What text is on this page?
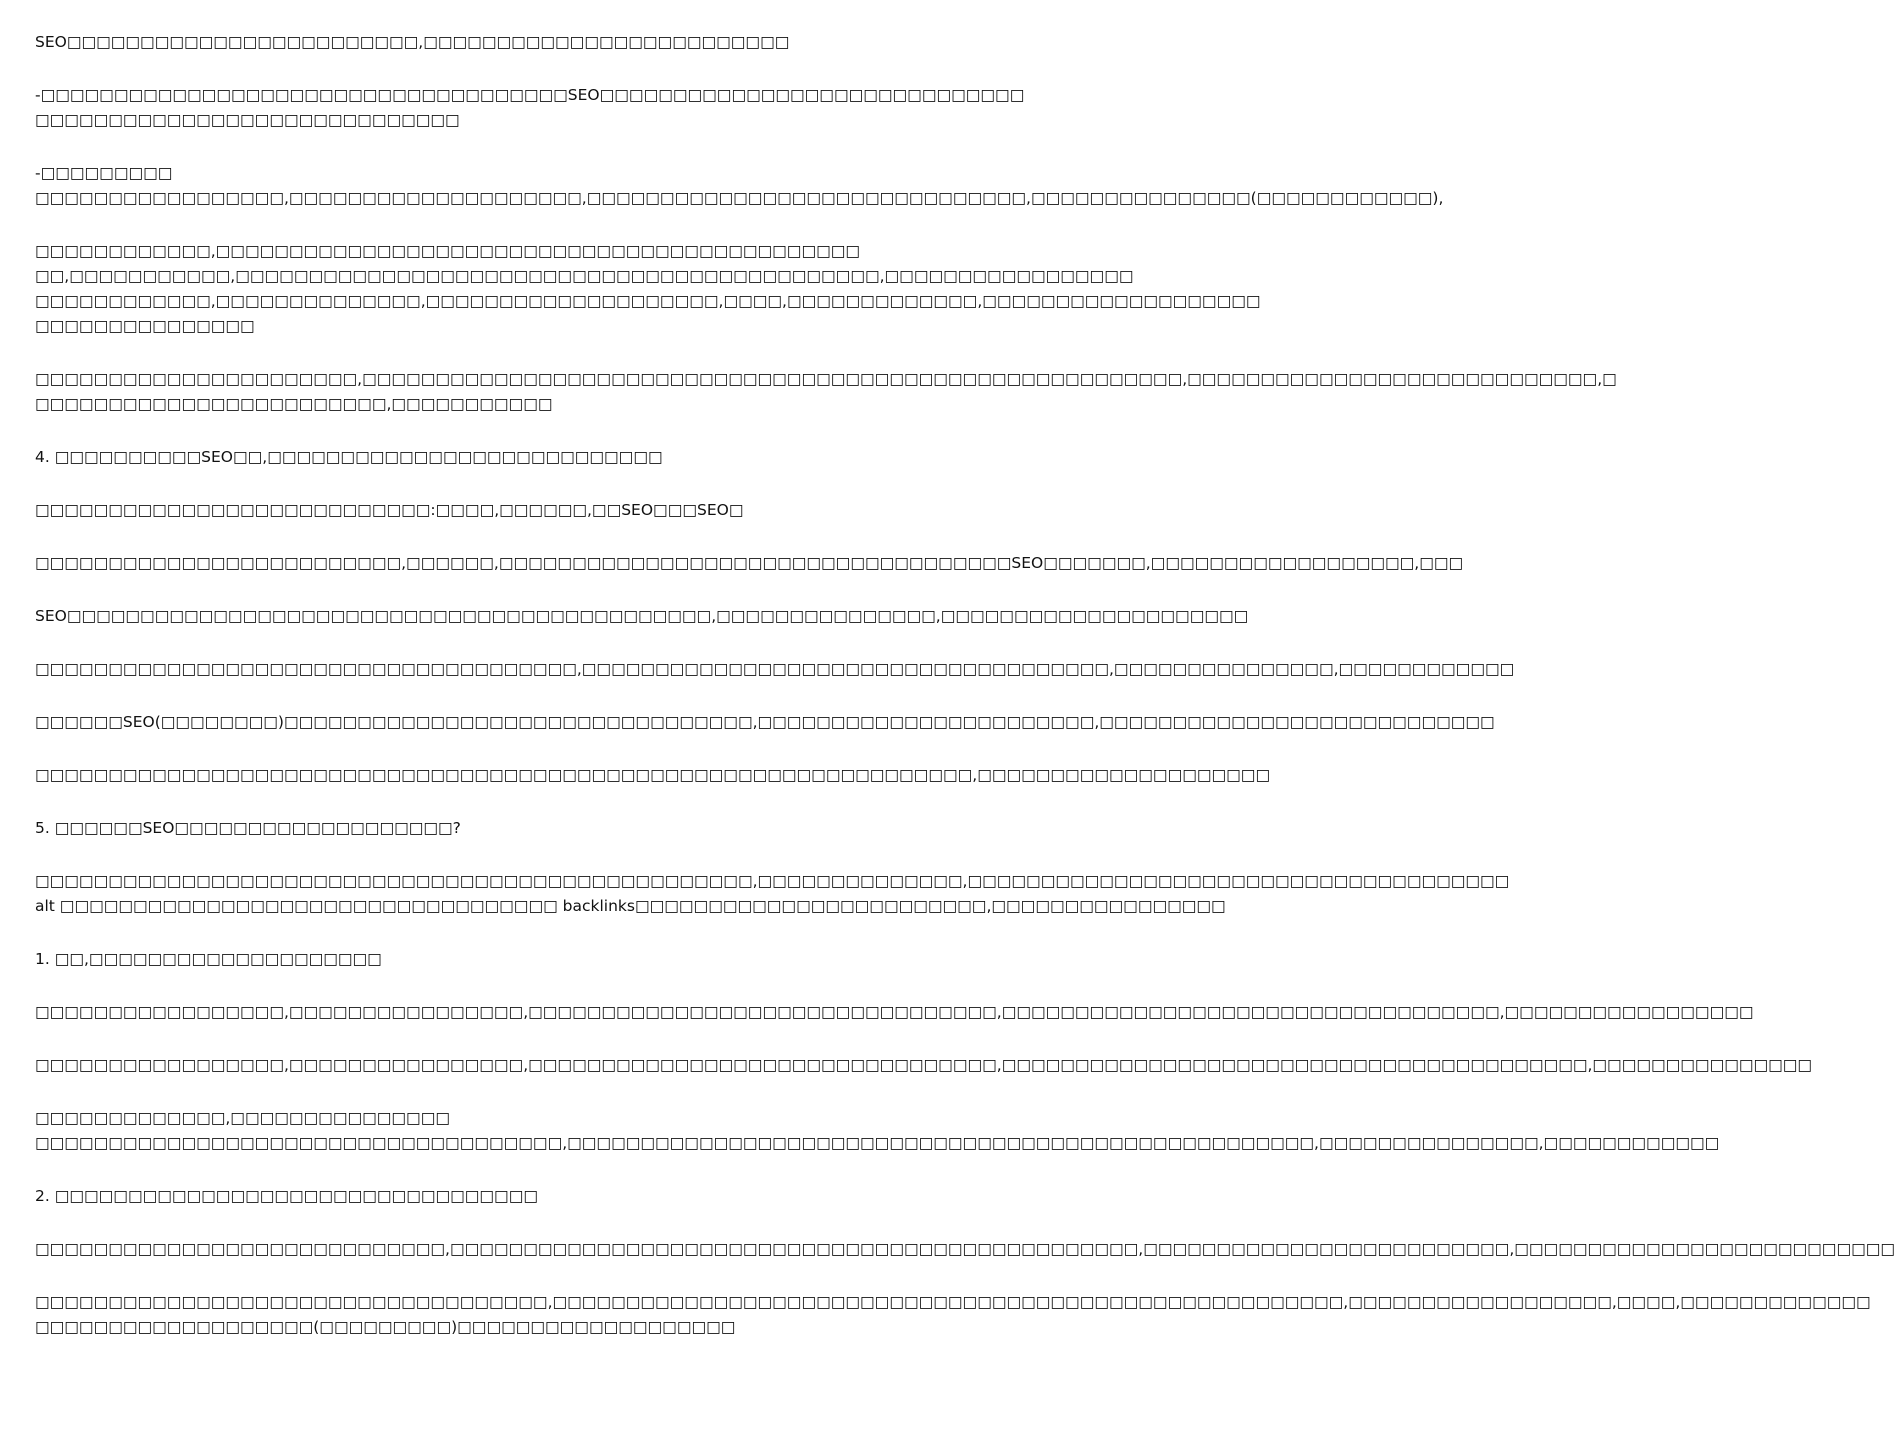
SEO□□□□□□□□□□□□□□□□□□□□□□□□,□□□□□□□□□□□□□□□□□□□□□□□□□

-□□□□□□□□□□□□□□□□□□□□□□□□□□□□□□□□□□□□SEO□□□□□□□□□□□□□□□□□□□□□□□□□□□□□
□□□□□□□□□□□□□□□□□□□□□□□□□□□□□

-□□□□□□□□□
□□□□□□□□□□□□□□□□□,□□□□□□□□□□□□□□□□□□□□,□□□□□□□□□□□□□□□□□□□□□□□□□□□□□□,□□□□□□□□□□□□□□□(□□□□□□□□□□□□),

□□□□□□□□□□□□,□□□□□□□□□□□□□□□□□□□□□□□□□□□□□□□□□□□□□□□□□□□□
□□,□□□□□□□□□□□,□□□□□□□□□□□□□□□□□□□□□□□□□□□□□□□□□□□□□□□□□□□□,□□□□□□□□□□□□□□□□□
□□□□□□□□□□□□,□□□□□□□□□□□□□□,□□□□□□□□□□□□□□□□□□□□,□□□□,□□□□□□□□□□□□□,□□□□□□□□□□□□□□□□□□□
□□□□□□□□□□□□□□□

□□□□□□□□□□□□□□□□□□□□□□,□□□□□□□□□□□□□□□□□□□□□□□□□□□□□□□□□□□□□□□□□□□□□□□□□□□□□□□□,□□□□□□□□□□□□□□□□□□□□□□□□□□□□,□
□□□□□□□□□□□□□□□□□□□□□□□□,□□□□□□□□□□□

4. □□□□□□□□□□SEO□□,□□□□□□□□□□□□□□□□□□□□□□□□□□□

□□□□□□□□□□□□□□□□□□□□□□□□□□□:□□□□,□□□□□□,□□SEO□□□SEO□

□□□□□□□□□□□□□□□□□□□□□□□□□,□□□□□□,□□□□□□□□□□□□□□□□□□□□□□□□□□□□□□□□□□□SEO□□□□□□□,□□□□□□□□□□□□□□□□□□,□□□

SEO□□□□□□□□□□□□□□□□□□□□□□□□□□□□□□□□□□□□□□□□□□□□,□□□□□□□□□□□□□□□,□□□□□□□□□□□□□□□□□□□□□

□□□□□□□□□□□□□□□□□□□□□□□□□□□□□□□□□□□□□,□□□□□□□□□□□□□□□□□□□□□□□□□□□□□□□□□□□□,□□□□□□□□□□□□□□□,□□□□□□□□□□□□

□□□□□□SEO(□□□□□□□□)□□□□□□□□□□□□□□□□□□□□□□□□□□□□□□□□,□□□□□□□□□□□□□□□□□□□□□□□,□□□□□□□□□□□□□□□□□□□□□□□□□□□

□□□□□□□□□□□□□□□□□□□□□□□□□□□□□□□□□□□□□□□□□□□□□□□□□□□□□□□□□□□□□□□□,□□□□□□□□□□□□□□□□□□□□

5. □□□□□□SEO□□□□□□□□□□□□□□□□□□□?

□□□□□□□□□□□□□□□□□□□□□□□□□□□□□□□□□□□□□□□□□□□□□□□□□,□□□□□□□□□□□□□□,□□□□□□□□□□□□□□□□□□□□□□□□□□□□□□□□□□□□□
alt □□□□□□□□□□□□□□□□□□□□□□□□□□□□□□□□□□ backlinks□□□□□□□□□□□□□□□□□□□□□□□□,□□□□□□□□□□□□□□□□

1. □□,□□□□□□□□□□□□□□□□□□□□

□□□□□□□□□□□□□□□□□,□□□□□□□□□□□□□□□□,□□□□□□□□□□□□□□□□□□□□□□□□□□□□□□□□,□□□□□□□□□□□□□□□□□□□□□□□□□□□□□□□□□□,□□□□□□□□□□□□□□□□□

□□□□□□□□□□□□□□□□□,□□□□□□□□□□□□□□□□,□□□□□□□□□□□□□□□□□□□□□□□□□□□□□□□□,□□□□□□□□□□□□□□□□□□□□□□□□□□□□□□□□□□□□□□□□,□□□□□□□□□□□□□□□

□□□□□□□□□□□□□,□□□□□□□□□□□□□□□
□□□□□□□□□□□□□□□□□□□□□□□□□□□□□□□□□□□□,□□□□□□□□□□□□□□□□□□□□□□□□□□□□□□□□□□□□□□□□□□□□□□□□□□□,□□□□□□□□□□□□□□□,□□□□□□□□□□□□

2. □□□□□□□□□□□□□□□□□□□□□□□□□□□□□□□□□

□□□□□□□□□□□□□□□□□□□□□□□□□□□□,□□□□□□□□□□□□□□□□□□□□□□□□□□□□□□□□□□□□□□□□□□□□□□□,□□□□□□□□□□□□□□□□□□□□□□□□□,□□□□□□□□□□□□□□□□□□□□□□□□□□

□□□□□□□□□□□□□□□□□□□□□□□□□□□□□□□□□□□,□□□□□□□□□□□□□□□□□□□□□□□□□□□□□□□□□□□□□□□□□□□□□□□□□□□□□□,□□□□□□□□□□□□□□□□□□,□□□□,□□□□□□□□□□□□□
□□□□□□□□□□□□□□□□□□□(□□□□□□□□□)□□□□□□□□□□□□□□□□□□□
